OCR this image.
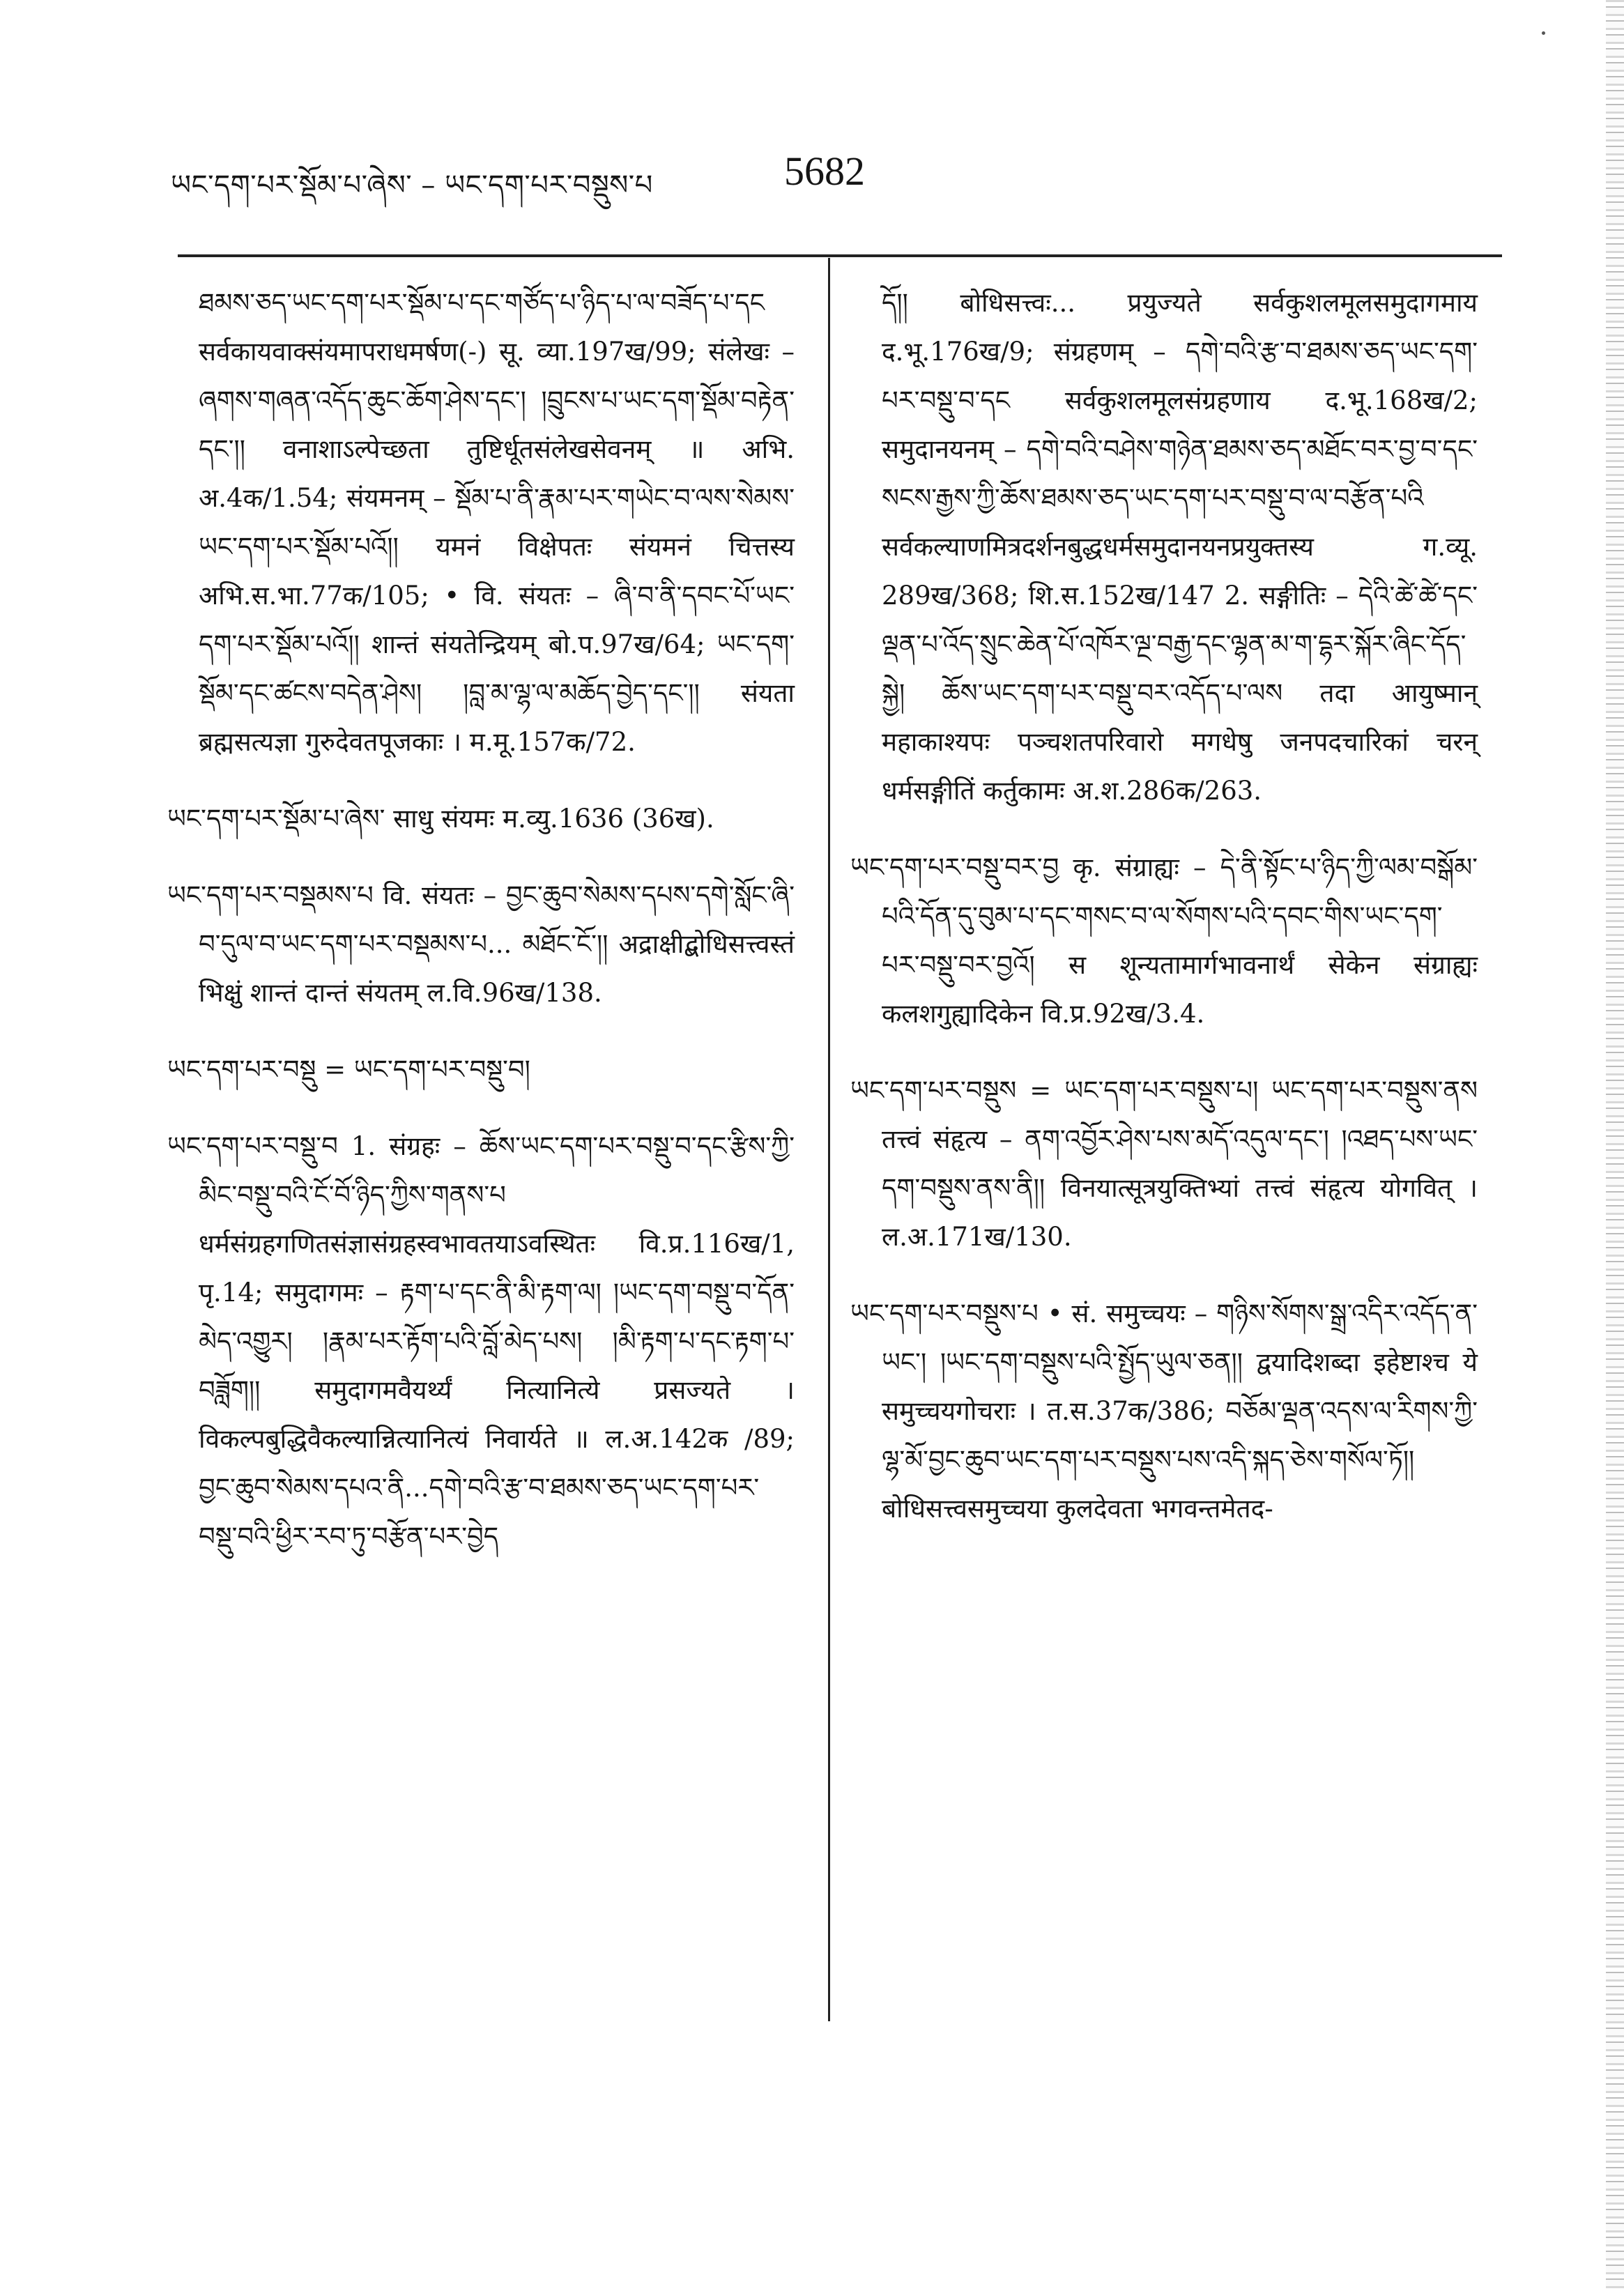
ཡང་དག་པར་སྡོམ་པ་ཞེས་ – ཡང་དག་པར་བསྡུས་པ	5682
ཐམས་ཅད་ཡང་དག་པར་སྡོམ་པ་དང་གཙོད་པ་ཉིད་པ་ལ་བཟོད་པ་དང सर्वकायवाक्संयमापराधमर्षण(-) सू. व्या.197ख/99; संलेखः – ཞགས་གཞན་འདོད་ཆུང་ཆོག་ཤེས་དང་། །བྲུངས་པ་ཡང་དག་སྡོམ་བརྟེན་དང་།། वनाशाऽल्पेच्छता तुष्टिर्धूतसंलेखसेवनम् ॥ अभि. अ.4क/1.54; संयमनम् – སྡོམ་པ་ནི་རྣམ་པར་གཡེང་བ་ལས་སེམས་ཡང་དག་པར་སྡོམ་པའོ།། यमनं विक्षेपतः संयमनं चित्तस्य अभि.स.भा.77क/105; • वि. संयतः – ཞི་བ་ནི་དབང་པོ་ཡང་དག་པར་སྡོམ་པའོ།། शान्तं संयतेन्द्रियम् बो.प.97ख/64; ཡང་དག་སྡོམ་དང་ཚངས་བདེན་ཤེས། །བླ་མ་ལྷ་ལ་མཆོད་བྱེད་དང་།། संयता ब्रह्मसत्यज्ञा गुरुदेवतपूजकाः । म.मू.157क/72.
ཡང་དག་པར་སྡོམ་པ་ཞེས་ साधु संयमः म.व्यु.1636 (36ख).
ཡང་དག་པར་བསྡམས་པ वि. संयतः – བྱང་ཆུབ་སེམས་དཔས་དགེ་སློང་ཞི་བ་དུལ་བ་ཡང་དག་པར་བསྡམས་པ... མཐོང་ངོ་།། अद्राक्षीद्बोधिसत्त्वस्तं भिक्षुं शान्तं दान्तं संयतम् ल.वि.96ख/138.
ཡང་དག་པར་བསྡུ = ཡང་དག་པར་བསྡུ་བ།
ཡང་དག་པར་བསྡུ་བ 1. संग्रहः – ཆོས་ཡང་དག་པར་བསྡུ་བ་དང་རྩིས་ཀྱི་མིང་བསྡུ་བའི་ངོ་བོ་ཉིད་ཀྱིས་གནས་པ धर्मसंग्रहगणितसंज्ञासंग्रहस्वभावतयाऽवस्थितः वि.प्र.116ख/1, पृ.14; समुदागमः – རྟག་པ་དང་ནི་མི་རྟག་ལ། །ཡང་དག་བསྡུ་བ་དོན་མེད་འགྱུར། །རྣམ་པར་རྟོག་པའི་བློ་མེད་པས། །མི་རྟག་པ་དང་རྟག་པ་བཟློག།། समुदागमवैयर्थ्यं नित्यानित्ये प्रसज्यते । विकल्पबुद्धिवैकल्यान्नित्यानित्यं निवार्यते ॥ ल.अ.142क /89; བྱང་ཆུབ་སེམས་དཔའ་ནི...དགེ་བའི་རྩ་བ་ཐམས་ཅད་ཡང་དག་པར་བསྡུ་བའི་ཕྱིར་རབ་ཏུ་བརྩོན་པར་བྱེད
དོ།། बोधिसत्त्वः... प्रयुज्यते सर्वकुशलमूलसमुदागमाय द.भू.176ख/9; संग्रहणम् – དགེ་བའི་རྩ་བ་ཐམས་ཅད་ཡང་དག་པར་བསྡུ་བ་དང सर्वकुशलमूलसंग्रहणाय द.भू.168ख/2; समुदानयनम् – དགེ་བའི་བཤེས་གཉེན་ཐམས་ཅད་མཐོང་བར་བྱ་བ་དང་སངས་རྒྱས་ཀྱི་ཆོས་ཐམས་ཅད་ཡང་དག་པར་བསྡུ་བ་ལ་བརྩོན་པའི सर्वकल्याणमित्रदर्शनबुद्धधर्मसमुदानयनप्रयुक्तस्य ग.व्यू. 289ख/368; शि.स.152ख/147 2. सङ्गीतिः – དེའི་ཚེ་ཚེ་དང་ལྡན་པ་འོད་སྲུང་ཆེན་པོ་འཁོར་ལྔ་བརྒྱ་དང་ལྷན་མ་ག་དྷར་སྐོར་ཞིང་དོད་སྐྱེ། ཆོས་ཡང་དག་པར་བསྡུ་བར་འདོད་པ་ལས तदा आयुष्मान् महाकाश्यपः पञ्चशतपरिवारो मगधेषु जनपदचारिकां चरन् धर्मसङ्गीतिं कर्तुकामः अ.श.286क/263.
ཡང་དག་པར་བསྡུ་བར་བྱ कृ. संग्राह्यः – དེ་ནི་སྟོང་པ་ཉིད་ཀྱི་ལམ་བསྒོམ་པའི་དོན་དུ་བུམ་པ་དང་གསང་བ་ལ་སོགས་པའི་དབང་གིས་ཡང་དག་པར་བསྡུ་བར་བྱའོ། स शून्यतामार्गभावनार्थं सेकेन संग्राह्यः कलशगुह्यादिकेन वि.प्र.92ख/3.4.
ཡང་དག་པར་བསྡུས = ཡང་དག་པར་བསྡུས་པ། ཡང་དག་པར་བསྡུས་ནས तत्त्वं संहृत्य – ནག་འབྱོར་ཤེས་པས་མདོ་འདུལ་དང་། །འཐད་པས་ཡང་དག་བསྡུས་ནས་ནི།། विनयात्सूत्रयुक्तिभ्यां तत्त्वं संहृत्य योगवित् । ल.अ.171ख/130.
ཡང་དག་པར་བསྡུས་པ • सं. समुच्चयः – གཉིས་སོགས་སྒྲ་འདིར་འདོད་ན་ཡང་། །ཡང་དག་བསྡུས་པའི་སྤྱོད་ཡུལ་ཅན།། द्वयादिशब्दा इहेष्टाश्च ये समुच्चयगोचराः । त.स.37क/386; བཅོམ་ལྡན་འདས་ལ་རིགས་ཀྱི་ལྷ་མོ་བྱང་ཆུབ་ཡང་དག་པར་བསྡུས་པས་འདི་སྐད་ཅེས་གསོལ་ཏོ།། बोधिसत्त्वसमुच्चया कुलदेवता भगवन्तमेतद-
